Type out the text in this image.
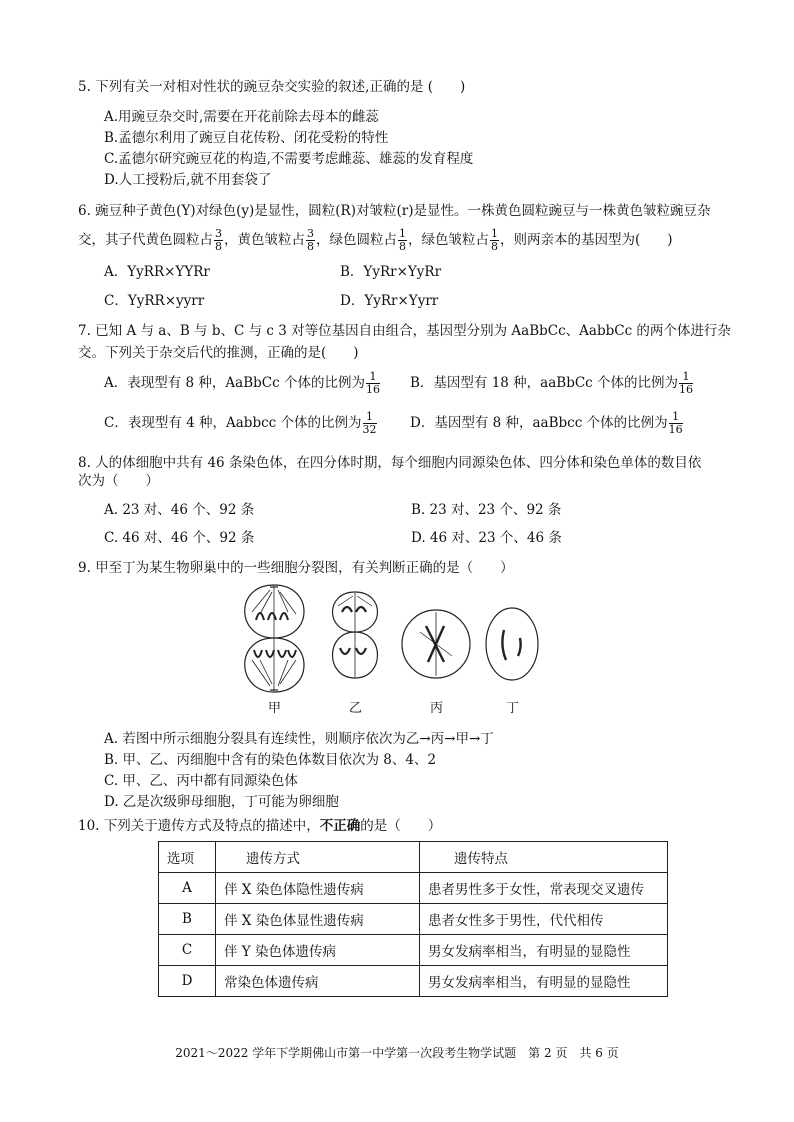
5. 下列有关一对相对性状的豌豆杂交实验的叙述,正确的是 (　　)
A.用豌豆杂交时,需要在开花前除去母本的雌蕊
B.孟德尔利用了豌豆自花传粉、闭花受粉的特性
C.孟德尔研究豌豆花的构造,不需要考虑雌蕊、雄蕊的发育程度
D.人工授粉后,就不用套袋了
6. 豌豆种子黄色(Y)对绿色(y)是显性，圆粒(R)对皱粒(r)是显性。一株黄色圆粒豌豆与一株黄色皱粒豌豆杂
交，其子代黄色圆粒占 $\frac{3}{8}$ ，黄色皱粒占 $\frac{3}{8}$ ，绿色圆粒占 $\frac{1}{8}$ ，绿色皱粒占 $\frac{1}{8}$ ，则两亲本的基因型为(　　)
A．YyRR×YYRr	B．YyRr×YyRr
C．YyRR×yyrr	D．YyRr×Yyrr
7. 已知 A 与 a、B 与 b、C 与 c 3 对等位基因自由组合，基因型分别为 AaBbCc、AabbCc 的两个体进行杂
交。下列关于杂交后代的推测，正确的是(　　)
A．表现型有 8 种，AaBbCc 个体的比例为 $\frac{1}{16}$ B．基因型有 18 种，aaBbCc 个体的比例为 $\frac{1}{16}$
C．表现型有 4 种，Aabbcc 个体的比例为 $\frac{1}{32}$ D．基因型有 8 种，aaBbcc 个体的比例为 $\frac{1}{16}$
8. 人的体细胞中共有 46 条染色体，在四分体时期，每个细胞内同源染色体、四分体和染色单体的数目依
次为（　　）
A. 23 对、46 个、92 条	B. 23 对、23 个、92 条
C. 46 对、46 个、92 条	D. 46 对、23 个、46 条
9. 甲至丁为某生物卵巢中的一些细胞分裂图，有关判断正确的是（　　）
甲	乙	丙	丁
A. 若图中所示细胞分裂具有连续性，则顺序依次为乙→丙→甲→丁
B. 甲、乙、丙细胞中含有的染色体数目依次为 8、4、2
C. 甲、乙、丙中都有同源染色体
D. 乙是次级卵母细胞，丁可能为卵细胞
10. 下列关于遗传方式及特点的描述中，不正确的是（　　）
选项	遗传方式	遗传特点
A	伴 X 染色体隐性遗传病	患者男性多于女性，常表现交叉遗传
B	伴 X 染色体显性遗传病	患者女性多于男性，代代相传
C	伴 Y 染色体遗传病	男女发病率相当，有明显的显隐性
D	常染色体遗传病	男女发病率相当，有明显的显隐性
2021～2022 学年下学期佛山市第一中学第一次段考生物学试题　第 2 页　共 6 页
